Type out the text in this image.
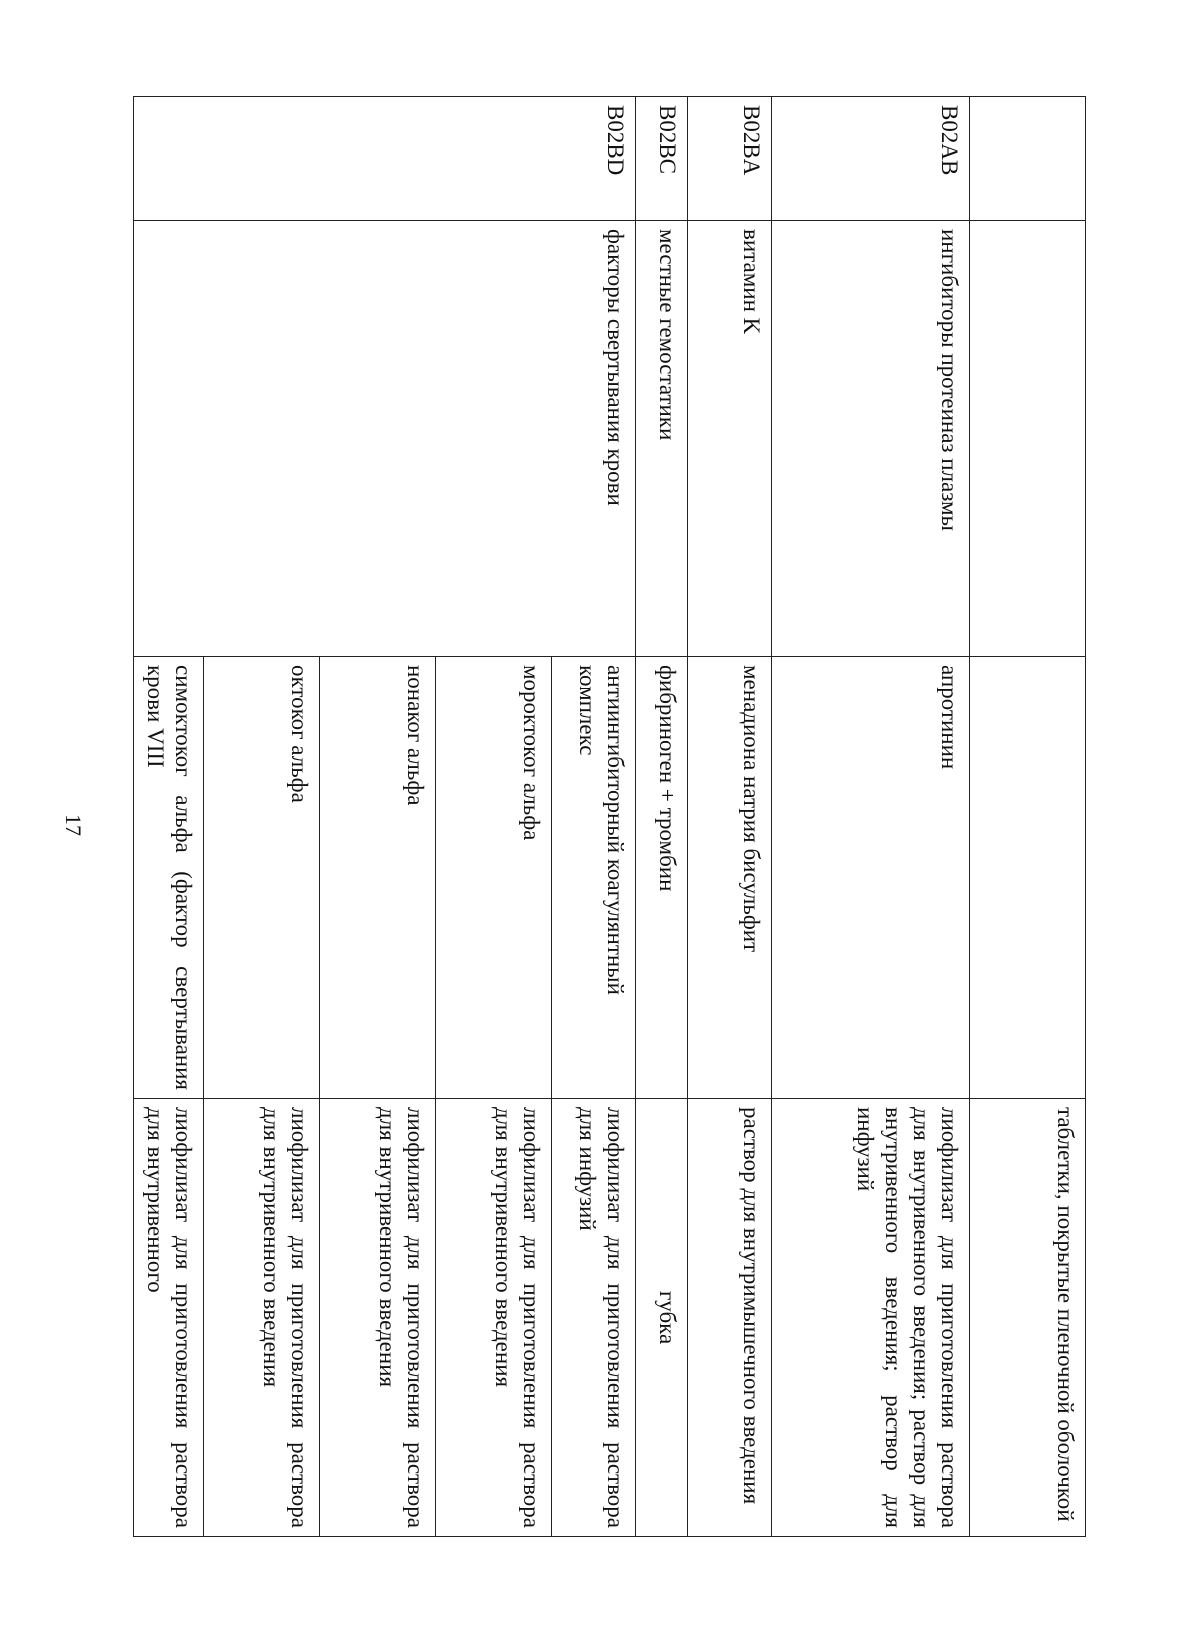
17
			таблетки, покрытые пленочной оболочкой
B02AB	ингибиторы протеиназ плазмы	апротинин	лиофилизат для приготовления раствора для внутривенного введения; раствор для внутривенного введения; раствор для инфузий
B02BA	витамин K	менадиона натрия бисульфит	раствор для внутримышечного введения
B02BC	местные гемостатики	фибриноген + тромбин	губка
B02BD	факторы свертывания крови	антиингибиторный коагулянтный комплекс	лиофилизат для приготовления раствора для инфузий
		мороктоког альфа	лиофилизат для приготовления раствора для внутривенного введения
		нонаког альфа	лиофилизат для приготовления раствора для внутривенного введения
		октоког альфа	лиофилизат для приготовления раствора для внутривенного введения
		симоктоког альфа (фактор свертывания крови VIII	лиофилизат для приготовления раствора для внутривенного
